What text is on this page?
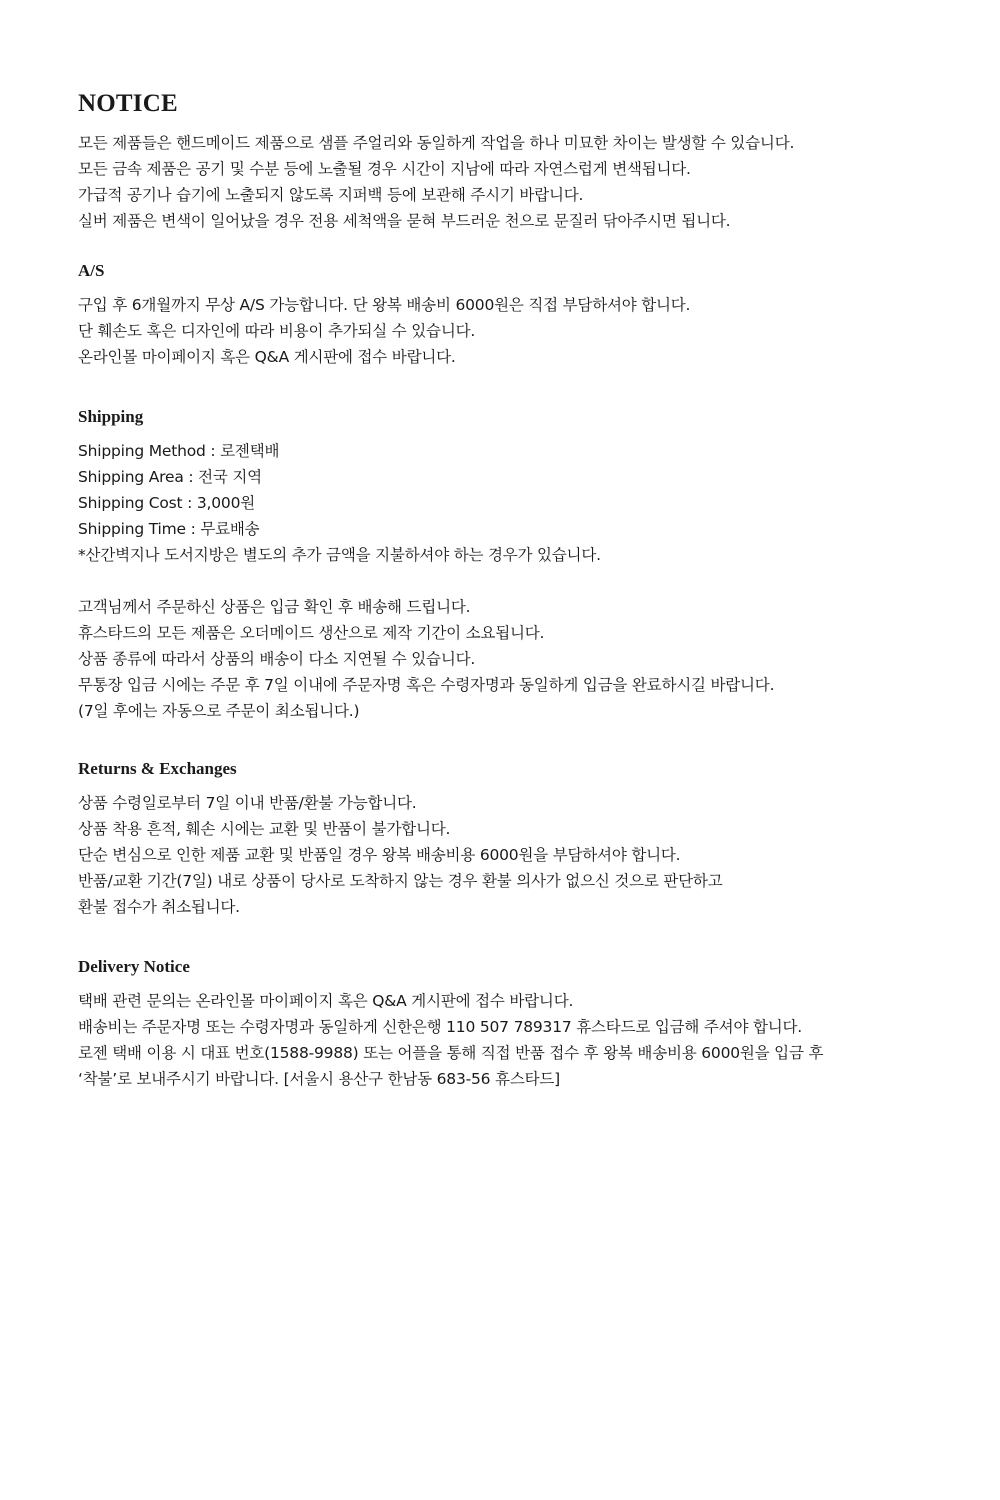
NOTICE
모든 제품들은 핸드메이드 제품으로 샘플 주얼리와 동일하게 작업을 하나 미묘한 차이는 발생할 수 있습니다.
모든 금속 제품은 공기 및 수분 등에 노출될 경우 시간이 지남에 따라 자연스럽게 변색됩니다.
가급적 공기나 습기에 노출되지 않도록 지퍼백 등에 보관해 주시기 바랍니다.
실버 제품은 변색이 일어났을 경우 전용 세척액을 묻혀 부드러운 천으로 문질러 닦아주시면 됩니다.
A/S
구입 후 6개월까지 무상 A/S 가능합니다. 단 왕복 배송비 6000원은 직접 부담하셔야 합니다.
단 훼손도 혹은 디자인에 따라 비용이 추가되실 수 있습니다.
온라인몰 마이페이지 혹은 Q&A 게시판에 접수 바랍니다.
Shipping
Shipping Method : 로젠택배
Shipping Area : 전국 지역
Shipping Cost : 3,000원
Shipping Time : 무료배송
*산간벽지나 도서지방은 별도의 추가 금액을 지불하셔야 하는 경우가 있습니다.
고객님께서 주문하신 상품은 입금 확인 후 배송해 드립니다.
휴스타드의 모든 제품은 오더메이드 생산으로 제작 기간이 소요됩니다.
상품 종류에 따라서 상품의 배송이 다소 지연될 수 있습니다.
무통장 입금 시에는 주문 후 7일 이내에 주문자명 혹은 수령자명과 동일하게 입금을 완료하시길 바랍니다.
(7일 후에는 자동으로 주문이 최소됩니다.)
Returns & Exchanges
상품 수령일로부터 7일 이내 반품/환불 가능합니다.
상품 착용 흔적, 훼손 시에는 교환 및 반품이 불가합니다.
단순 변심으로 인한 제품 교환 및 반품일 경우 왕복 배송비용 6000원을 부담하셔야 합니다.
반품/교환 기간(7일) 내로 상품이 당사로 도착하지 않는 경우 환불 의사가 없으신 것으로 판단하고
환불 접수가 취소됩니다.
Delivery Notice
택배 관련 문의는 온라인몰 마이페이지 혹은 Q&A 게시판에 접수 바랍니다.
배송비는 주문자명 또는 수령자명과 동일하게 신한은행 110 507 789317 휴스타드로 입금해 주셔야 합니다.
로젠 택배 이용 시 대표 번호(1588-9988) 또는 어플을 통해 직접 반품 접수 후 왕복 배송비용 6000원을 입금 후
‘착불’로 보내주시기 바랍니다. [서울시 용산구 한남동 683-56 휴스타드]
